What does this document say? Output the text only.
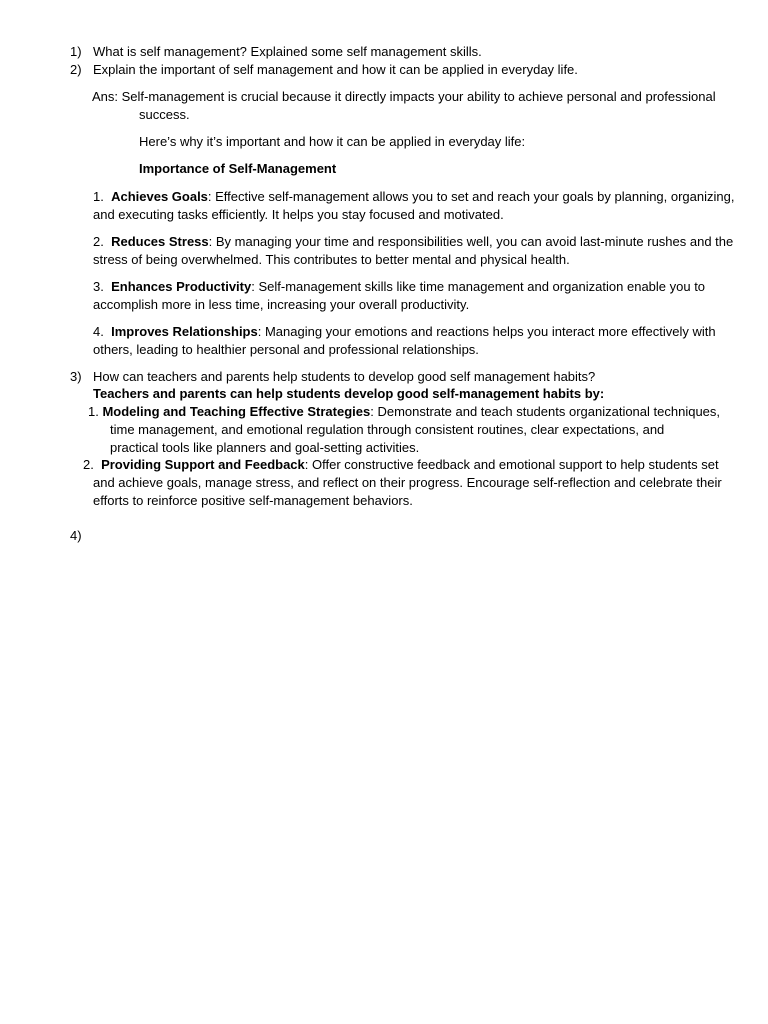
1) What is self management? Explained some self management skills.
2) Explain the important of self management and how it can be applied in everyday life.
Ans: Self-management is crucial because it directly impacts your ability to achieve personal and professional
success.
Here’s why it’s important and how it can be applied in everyday life:
Importance of Self-Management
1. Achieves Goals: Effective self-management allows you to set and reach your goals by planning, organizing,
and executing tasks efficiently. It helps you stay focused and motivated.
2. Reduces Stress: By managing your time and responsibilities well, you can avoid last-minute rushes and the
stress of being overwhelmed. This contributes to better mental and physical health.
3. Enhances Productivity: Self-management skills like time management and organization enable you to
accomplish more in less time, increasing your overall productivity.
4. Improves Relationships: Managing your emotions and reactions helps you interact more effectively with
others, leading to healthier personal and professional relationships.
3) How can teachers and parents help students to develop good self management habits?
Teachers and parents can help students develop good self-management habits by:
1. Modeling and Teaching Effective Strategies: Demonstrate and teach students organizational techniques,
time management, and emotional regulation through consistent routines, clear expectations, and
practical tools like planners and goal-setting activities.
2. Providing Support and Feedback: Offer constructive feedback and emotional support to help students set
and achieve goals, manage stress, and reflect on their progress. Encourage self-reflection and celebrate their
efforts to reinforce positive self-management behaviors.
4)
